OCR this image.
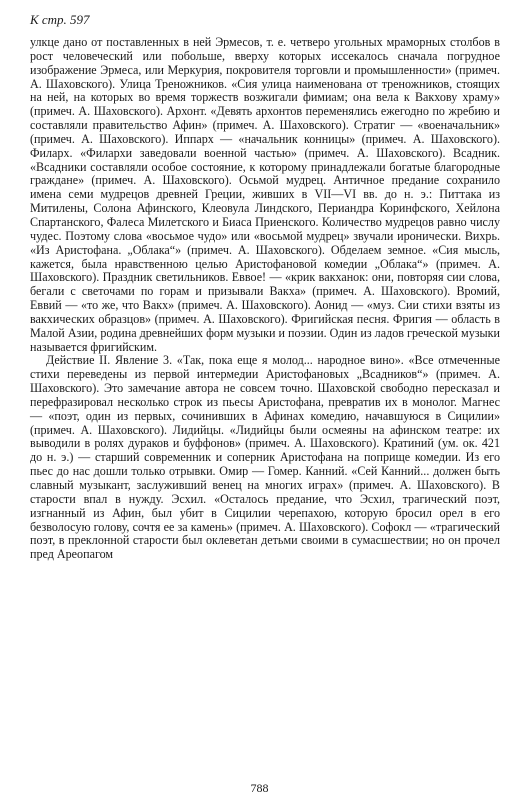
К стр. 597

улкце дано от поставленных в ней Эрмесов, т. е. четверо угольных мраморных столбов в рост человеческий или побольше, вверху которых иссекалось сначала погрудное изображение Эрмеса, или Меркурия, покровителя торговли и промышленности» (примеч. А. Шаховского). Улица Треножников. «Сия улица наименована от треножников, стоящих на ней, на которых во время торжеств возжигали фимиам; она вела к Вакхову храму» (примеч. А. Шаховского). Архонт. «Девять архонтов переменялись ежегодно по жребию и составляли правительство Афин» (примеч. А. Шаховского). Стратиг — «военачальник» (примеч. А. Шаховского). Иппарх — «начальник конницы» (примеч. А. Шаховского). Филарх. «Филархи заведовали военной частью» (примеч. А. Шаховского). Всадник. «Всадники составляли особое состояние, к которому принадлежали богатые благородные граждане» (примеч. А. Шаховского). Осьмой мудрец. Античное предание сохранило имена семи мудрецов древней Греции, живших в VII—VI вв. до н. э.: Питтака из Митилены, Солона Афинского, Клеовула Линдского, Периандра Коринфского, Хейлона Спартанского, Фалеса Милетского и Биаса Приенского. Количество мудрецов равно числу чудес. Поэтому слова «восьмое чудо» или «восьмой мудрец» звучали иронически. Вихрь. «Из Аристофана. „Облака“» (примеч. А. Шаховского). Обделаем земное. «Сия мысль, кажется, была нравственною целью Аристофановой комедии „Облака“» (примеч. А. Шаховского). Праздник светильников. Еввое! — «крик вакханок: они, повторяя сии слова, бегали с светочами по горам и призывали Вакха» (примеч. А. Шаховского). Вромий, Еввий — «то же, что Вакх» (примеч. А. Шаховского). Аонид — «муз. Сии стихи взяты из вакхических образцов» (примеч. А. Шаховского). Фригийская песня. Фригия — область в Малой Азии, родина древнейших форм музыки и поэзии. Один из ладов греческой музыки называется фригийским.

Действие II. Явление 3. «Так, пока еще я молод... народное вино». «Все отмеченные стихи переведены из первой интермедии Аристофановых „Всадников“» (примеч. А. Шаховского). Это замечание автора не совсем точно. Шаховской свободно пересказал и перефразировал несколько строк из пьесы Аристофана, превратив их в монолог. Магнес — «поэт, один из первых, сочинивших в Афинах комедию, начавшуюся в Сицилии» (примеч. А. Шаховского). Лидийцы. «Лидийцы были осмеяны на афинском театре: их выводили в ролях дураков и буффонов» (примеч. А. Шаховского). Кратиний (ум. ок. 421 до н. э.) — старший современник и соперник Аристофана на поприще комедии. Из его пьес до нас дошли только отрывки. Омир — Гомер. Канний. «Сей Канний... должен быть славный музыкант, заслуживший венец на многих играх» (примеч. А. Шаховского). В старости впал в нужду. Эсхил. «Осталось предание, что Эсхил, трагический поэт, изгнанный из Афин, был убит в Сицилии черепахою, которую бросил орел в его безволосую голову, сочтя ее за камень» (примеч. А. Шаховского). Софокл — «трагический поэт, в преклонной старости был оклеветан детьми своими в сумасшествии; но он прочел пред Ареопагом

788
